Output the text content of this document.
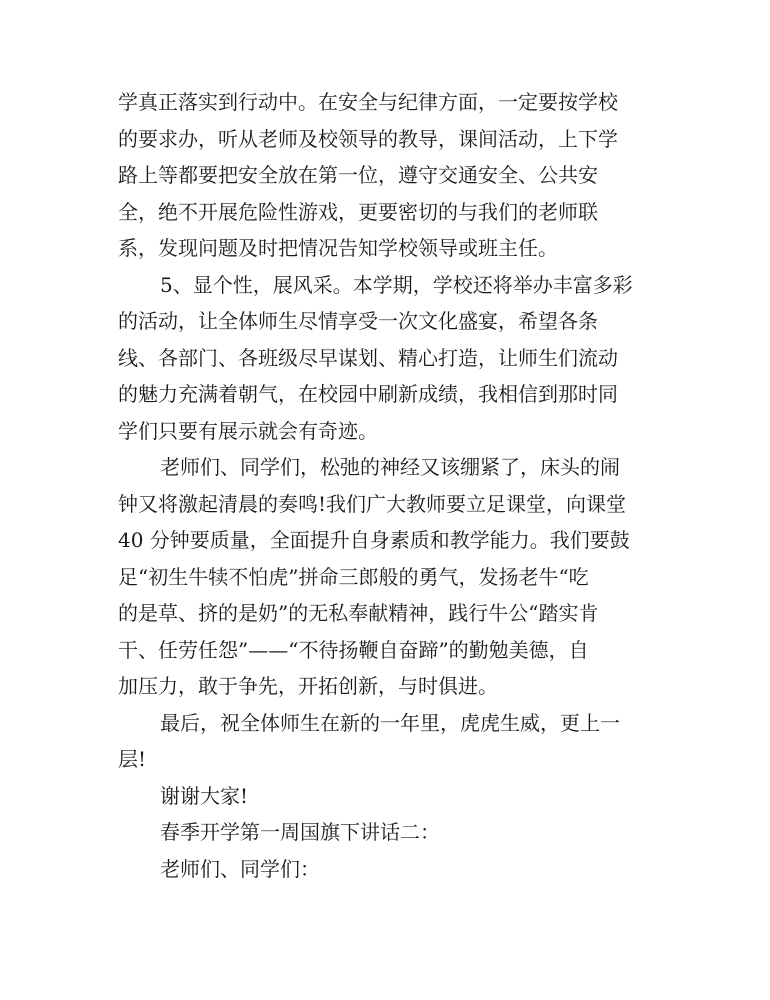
学真正落实到行动中。在安全与纪律方面，一定要按学校
的要求办，听从老师及校领导的教导，课间活动，上下学
路上等都要把安全放在第一位，遵守交通安全、公共安
全，绝不开展危险性游戏，更要密切的与我们的老师联
系，发现问题及时把情况告知学校领导或班主任。
5、显个性，展风采。本学期，学校还将举办丰富多彩
的活动，让全体师生尽情享受一次文化盛宴，希望各条
线、各部门、各班级尽早谋划、精心打造，让师生们流动
的魅力充满着朝气，在校园中刷新成绩，我相信到那时同
学们只要有展示就会有奇迹。
老师们、同学们，松弛的神经又该绷紧了，床头的闹
钟又将激起清晨的奏鸣!我们广大教师要立足课堂，向课堂
40 分钟要质量，全面提升自身素质和教学能力。我们要鼓
足“初生牛犊不怕虎”拼命三郎般的勇气，发扬老牛“吃
的是草、挤的是奶”的无私奉献精神，践行牛公“踏实肯
干、任劳任怨”——“不待扬鞭自奋蹄”的勤勉美德，自
加压力，敢于争先，开拓创新，与时俱进。
最后，祝全体师生在新的一年里，虎虎生威，更上一
层!
谢谢大家!
春季开学第一周国旗下讲话二：
老师们、同学们：
